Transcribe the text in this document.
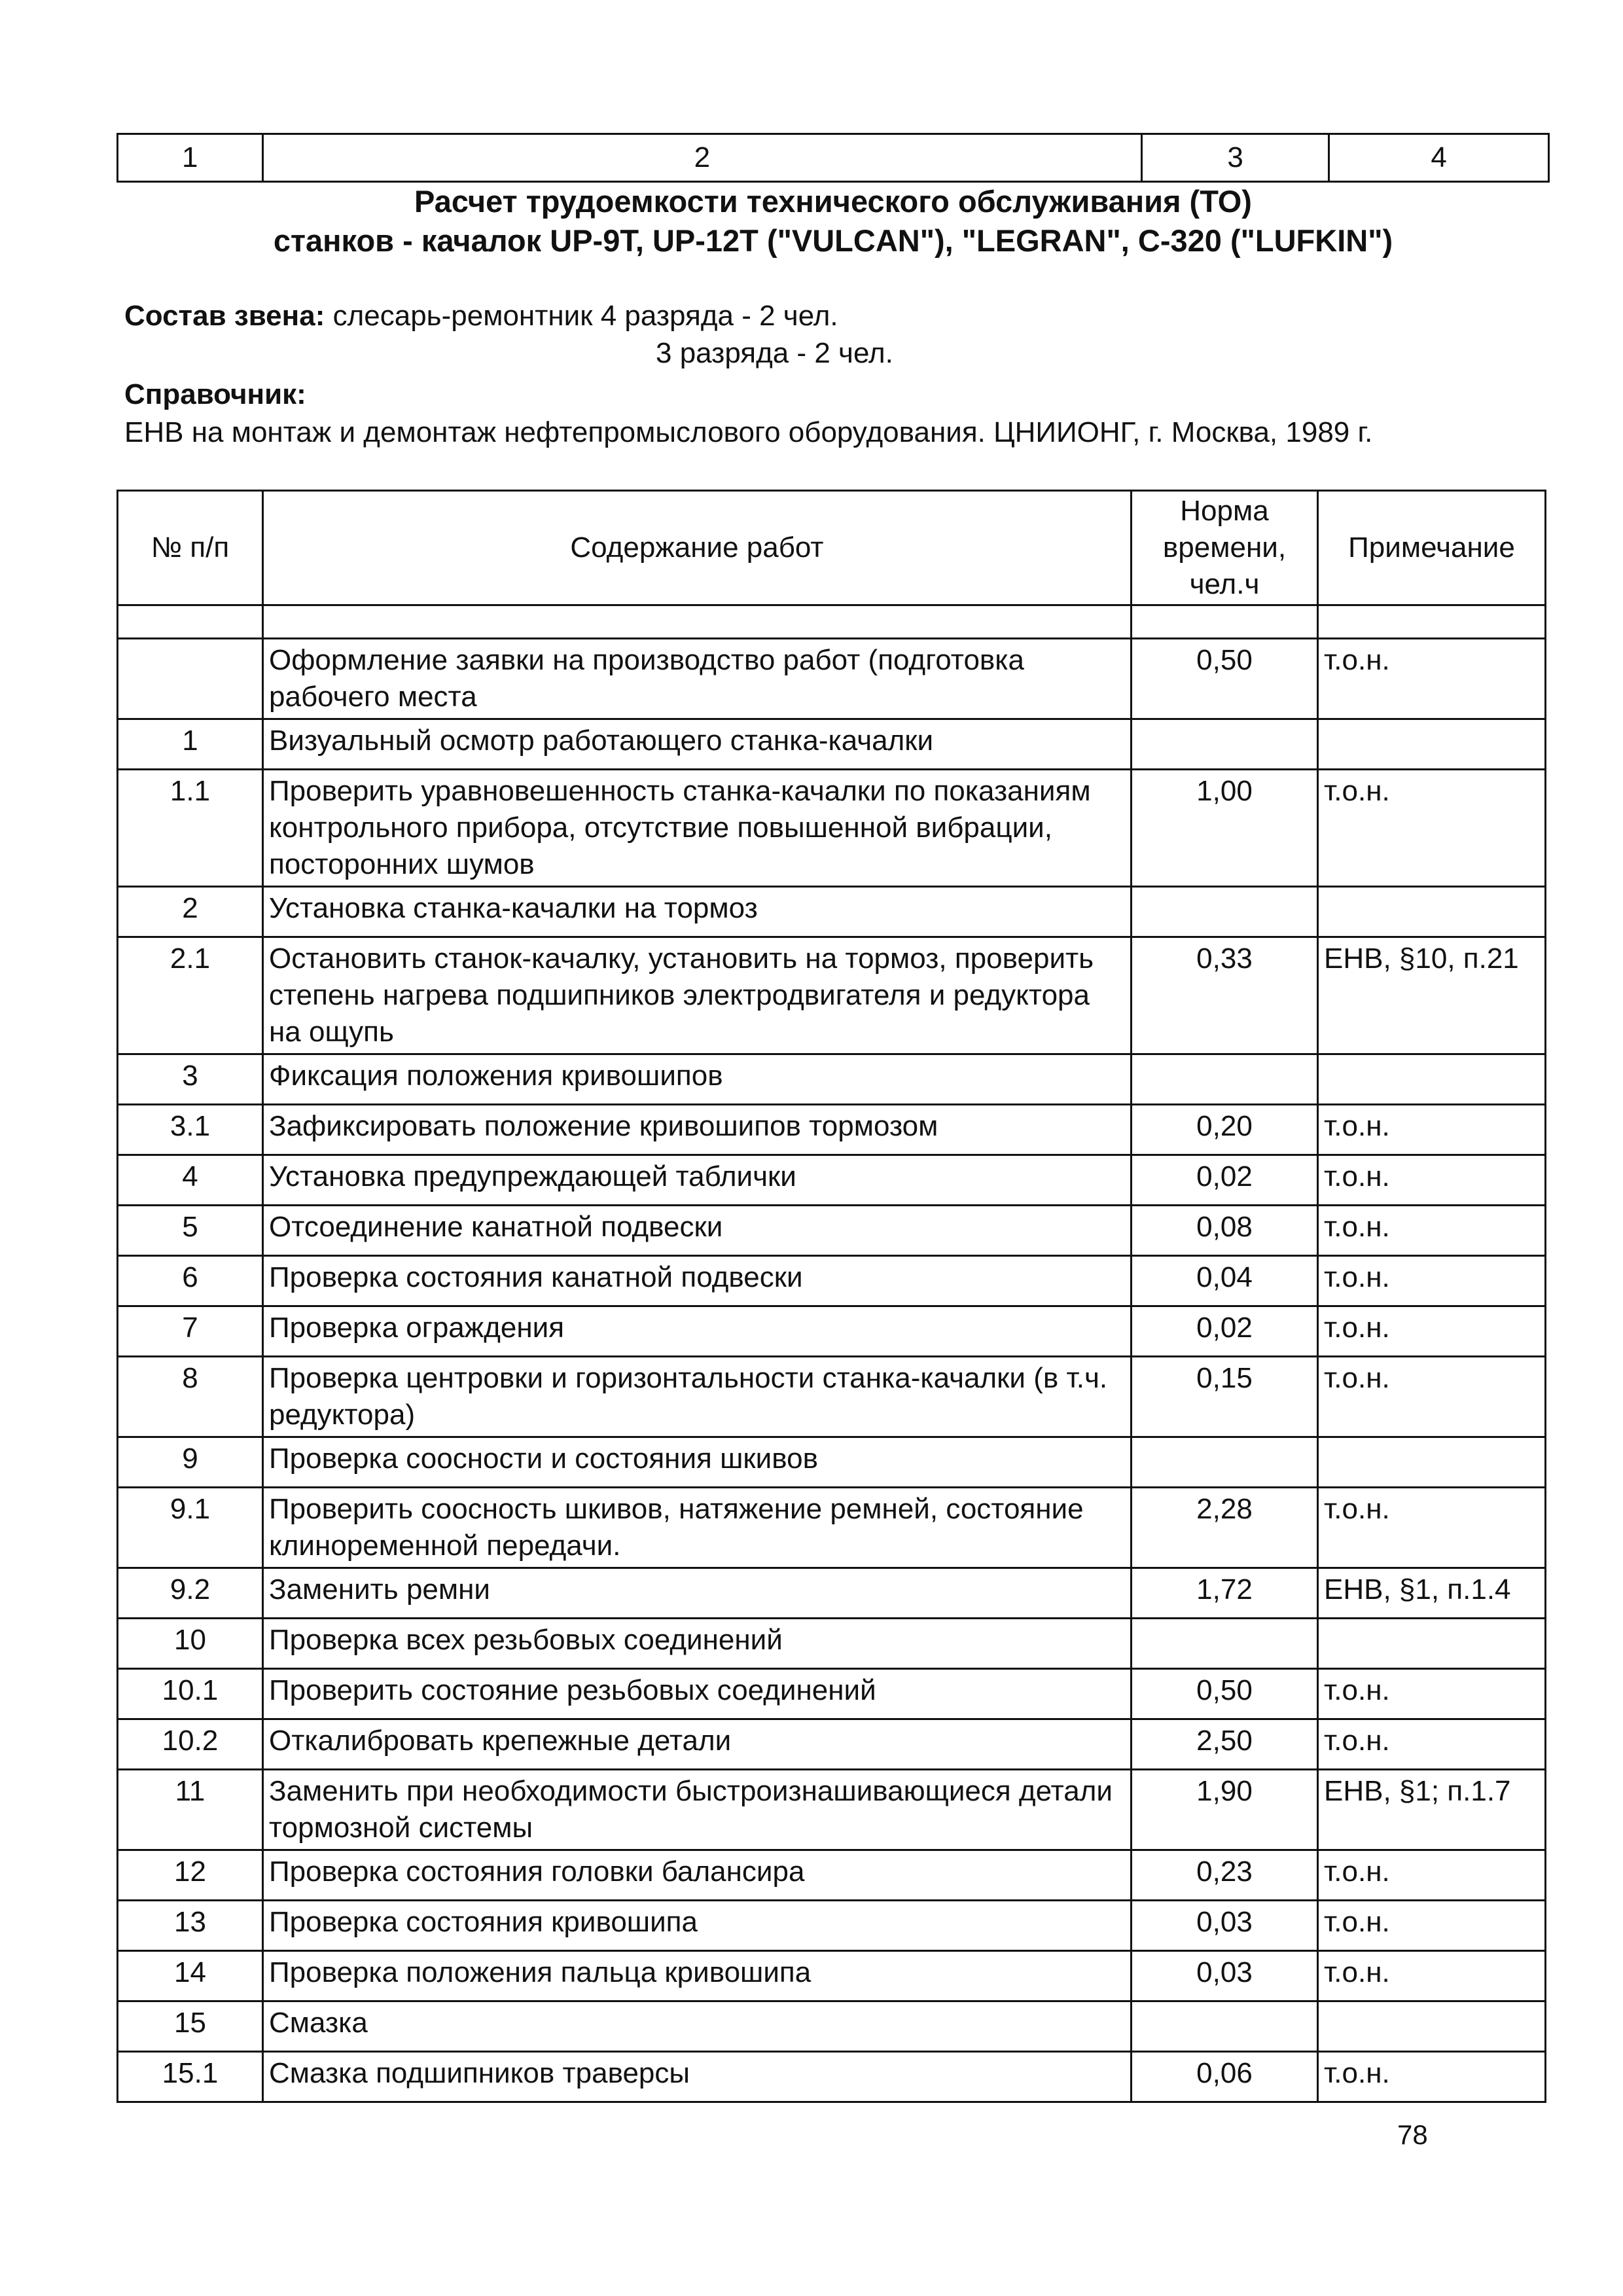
1	2	3	4

Расчет трудоемкости технического обслуживания (ТО)

станков - качалок UP-9T, UP-12T ("VULCAN"), "LEGRAN", C-320 ("LUFKIN")

Состав звена: слесарь-ремонтник 4 разряда - 2 чел.
3 разряда - 2 чел.
Справочник:
ЕНВ на монтаж и демонтаж нефтепромыслового оборудования. ЦНИИОНГ, г. Москва, 1989 г.
№ п/п	Содержание работ	Норма времени, чел.ч	Примечание

	Оформление заявки на производство работ (подготовка рабочего места	0,50	т.о.н.
1	Визуальный осмотр работающего станка-качалки		
1.1	Проверить уравновешенность станка-качалки по показаниям контрольного прибора, отсутствие повышенной вибрации, посторонних шумов	1,00	т.о.н.
2	Установка станка-качалки на тормоз		
2.1	Остановить станок-качалку, установить на тормоз, проверить степень нагрева подшипников электродвигателя и редуктора на ощупь	0,33	ЕНВ, §10, п.21
3	Фиксация положения кривошипов		
3.1	Зафиксировать положение кривошипов тормозом	0,20	т.о.н.
4	Установка предупреждающей таблички	0,02	т.о.н.
5	Отсоединение канатной подвески	0,08	т.о.н.
6	Проверка состояния канатной подвески	0,04	т.о.н.
7	Проверка ограждения	0,02	т.о.н.
8	Проверка центровки и горизонтальности станка-качалки (в т.ч. редуктора)	0,15	т.о.н.
9	Проверка соосности и состояния шкивов		
9.1	Проверить соосность шкивов, натяжение ремней, состояние клиноременной передачи.	2,28	т.о.н.
9.2	Заменить ремни	1,72	ЕНВ, §1, п.1.4
10	Проверка всех резьбовых соединений		
10.1	Проверить состояние резьбовых соединений	0,50	т.о.н.
10.2	Откалибровать крепежные детали	2,50	т.о.н.
11	Заменить при необходимости быстроизнашивающиеся детали тормозной системы	1,90	ЕНВ, §1; п.1.7
12	Проверка состояния головки балансира	0,23	т.о.н.
13	Проверка состояния кривошипа	0,03	т.о.н.
14	Проверка положения пальца кривошипа	0,03	т.о.н.
15	Смазка		
15.1	Смазка подшипников траверсы	0,06	т.о.н.
78
